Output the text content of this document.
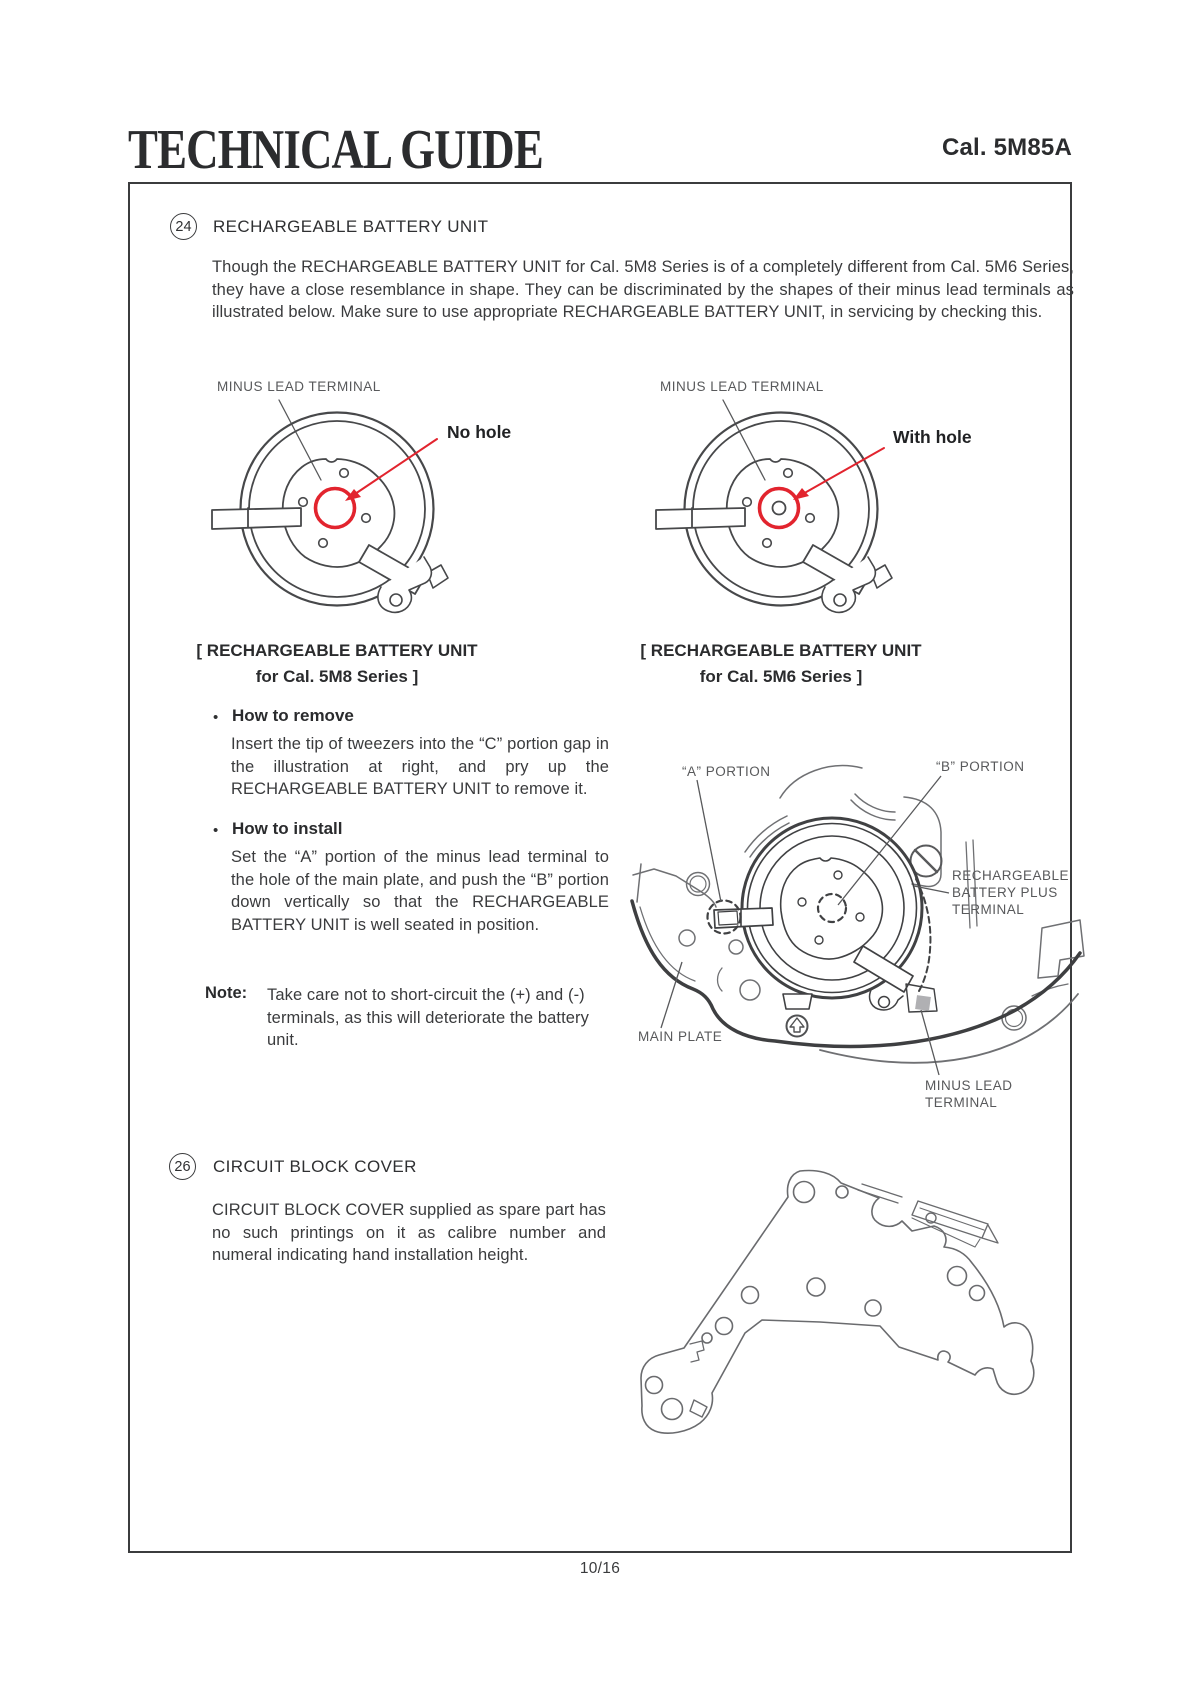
TECHNICAL GUIDE	Cal. 5M85A
24	RECHARGEABLE BATTERY UNIT
Though the RECHARGEABLE BATTERY UNIT for Cal. 5M8 Series is of a completely different from Cal. 5M6 Series, they have a close resemblance in shape. They can be discriminated by the shapes of their minus lead terminals as illustrated below. Make sure to use appropriate RECHARGEABLE BATTERY UNIT, in servicing by checking this.
MINUS LEAD TERMINAL
No hole
[ RECHARGEABLE BATTERY UNIT
for Cal. 5M8 Series ]
MINUS LEAD TERMINAL
With hole
[ RECHARGEABLE BATTERY UNIT
for Cal. 5M6 Series ]
• How to remove
Insert the tip of tweezers into the “C” portion gap in the illustration at right, and pry up the RECHARGEABLE BATTERY UNIT to remove it.
• How to install
Set the “A” portion of the minus lead terminal to the hole of the main plate, and push the “B” portion down vertically so that the RECHARGEABLE BATTERY UNIT is well seated in position.
Note: Take care not to short-circuit the (+) and (-) terminals, as this will deteriorate the battery unit.
“A” PORTION	“B” PORTION
RECHARGEABLE
BATTERY PLUS
TERMINAL
MAIN PLATE
MINUS LEAD
TERMINAL
26	CIRCUIT BLOCK COVER
CIRCUIT BLOCK COVER supplied as spare part has no such printings on it as calibre number and numeral indicating hand installation height.
10/16
